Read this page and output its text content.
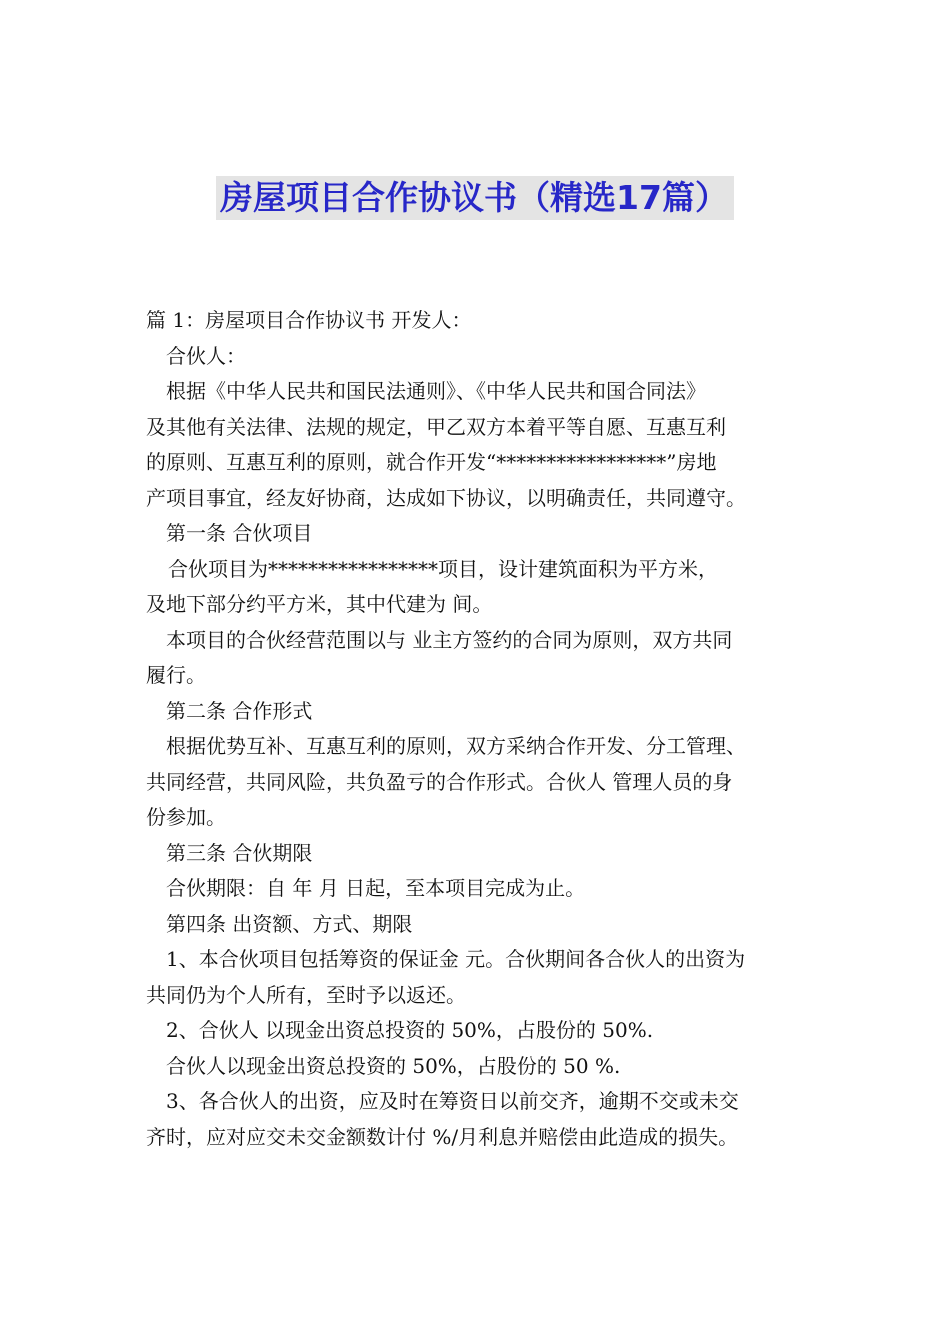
房屋项目合作协议书（精选17篇）
篇 1：房屋项目合作协议书 开发人：
合伙人：
根据《中华人民共和国民法通则》、《中华人民共和国合同法》
及其他有关法律、法规的规定，甲乙双方本着平等自愿、互惠互利
的原则、互惠互利的原则，就合作开发“*****************”房地
产项目事宜，经友好协商，达成如下协议，以明确责任，共同遵守。
第一条 合伙项目
合伙项目为*****************项目，设计建筑面积为平方米，
及地下部分约平方米，其中代建为 间。
本项目的合伙经营范围以与 业主方签约的合同为原则，双方共同
履行。
第二条 合作形式
根据优势互补、互惠互利的原则，双方采纳合作开发、分工管理、
共同经营，共同风险，共负盈亏的合作形式。合伙人 管理人员的身
份参加。
第三条 合伙期限
合伙期限：自 年 月 日起，至本项目完成为止。
第四条 出资额、方式、期限
1、本合伙项目包括筹资的保证金 元。合伙期间各合伙人的出资为
共同仍为个人所有，至时予以返还。
2、合伙人 以现金出资总投资的 50%，占股份的 50%.
合伙人以现金出资总投资的 50%，占股份的 50 %.
3、各合伙人的出资，应及时在筹资日以前交齐，逾期不交或未交
齐时，应对应交未交金额数计付 %/月利息并赔偿由此造成的损失。
